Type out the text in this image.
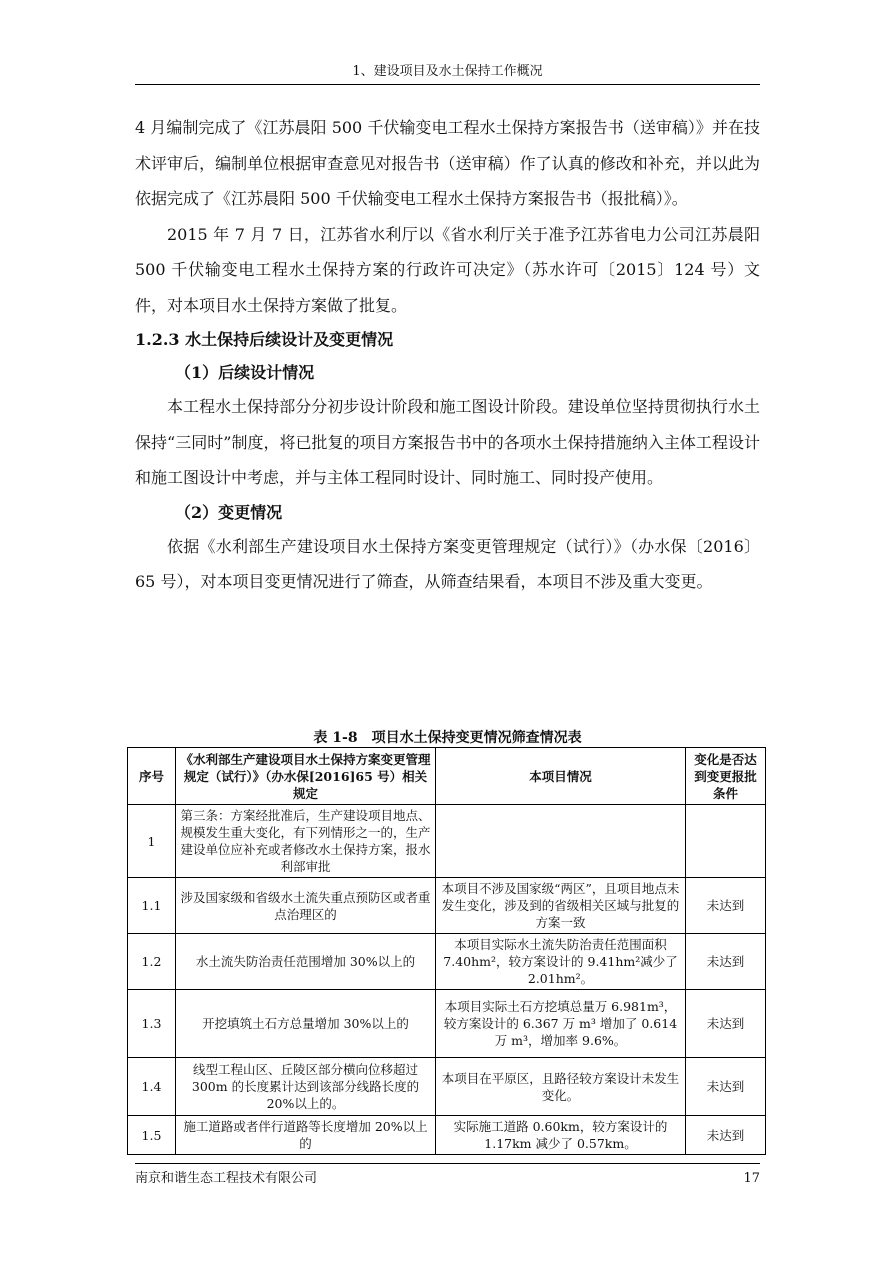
1、建设项目及水土保持工作概况

4 月编制完成了《江苏晨阳 500 千伏输变电工程水土保持方案报告书（送审稿）》并在技术评审后，编制单位根据审查意见对报告书（送审稿）作了认真的修改和补充，并以此为依据完成了《江苏晨阳 500 千伏输变电工程水土保持方案报告书（报批稿）》。

2015 年 7 月 7 日，江苏省水利厅以《省水利厅关于准予江苏省电力公司江苏晨阳 500 千伏输变电工程水土保持方案的行政许可决定》（苏水许可〔2015〕124 号）文件，对本项目水土保持方案做了批复。

1.2.3 水土保持后续设计及变更情况

（1）后续设计情况

本工程水土保持部分分初步设计阶段和施工图设计阶段。建设单位坚持贯彻执行水土保持“三同时”制度，将已批复的项目方案报告书中的各项水土保持措施纳入主体工程设计和施工图设计中考虑，并与主体工程同时设计、同时施工、同时投产使用。

（2）变更情况

依据《水利部生产建设项目水土保持方案变更管理规定（试行）》（办水保〔2016〕65 号），对本项目变更情况进行了筛查，从筛查结果看，本项目不涉及重大变更。

表 1-8　项目水土保持变更情况筛查情况表
序号	《水利部生产建设项目水土保持方案变更管理规定（试行）》（办水保[2016]65 号）相关规定	本项目情况	变化是否达到变更报批条件
1	第三条：方案经批准后，生产建设项目地点、规模发生重大变化，有下列情形之一的，生产建设单位应补充或者修改水土保持方案，报水利部审批		
1.1	涉及国家级和省级水土流失重点预防区或者重点治理区的	本项目不涉及国家级“两区”，且项目地点未发生变化，涉及到的省级相关区域与批复的方案一致	未达到
1.2	水土流失防治责任范围增加 30%以上的	本项目实际水土流失防治责任范围面积 7.40hm²，较方案设计的 9.41hm²减少了 2.01hm²。	未达到
1.3	开挖填筑土石方总量增加 30%以上的	本项目实际土石方挖填总量万 6.981m³，较方案设计的 6.367 万 m³ 增加了 0.614 万 m³，增加率 9.6%。	未达到
1.4	线型工程山区、丘陵区部分横向位移超过 300m 的长度累计达到该部分线路长度的 20%以上的。	本项目在平原区，且路径较方案设计未发生变化。	未达到
1.5	施工道路或者伴行道路等长度增加 20%以上的	实际施工道路 0.60km，较方案设计的 1.17km 减少了 0.57km。	未达到
南京和谐生态工程技术有限公司	17
